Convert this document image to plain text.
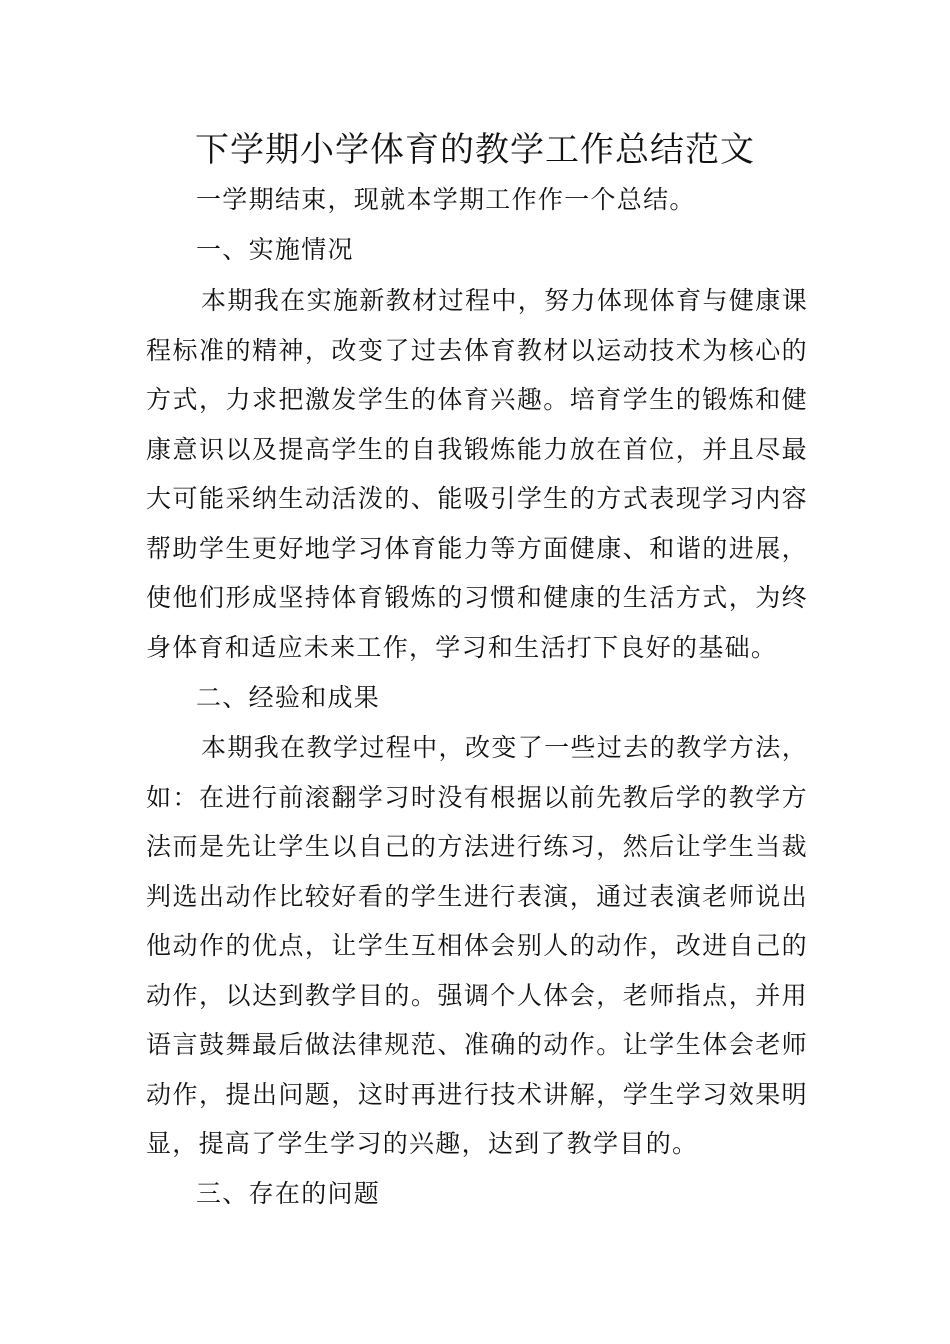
下学期小学体育的教学工作总结范文

一学期结束，现就本学期工作作一个总结。

一、实施情况

本期我在实施新教材过程中，努力体现体育与健康课程标准的精神，改变了过去体育教材以运动技术为核心的方式，力求把激发学生的体育兴趣。培育学生的锻炼和健康意识以及提高学生的自我锻炼能力放在首位，并且尽最大可能采纳生动活泼的、能吸引学生的方式表现学习内容帮助学生更好地学习体育能力等方面健康、和谐的进展，使他们形成坚持体育锻炼的习惯和健康的生活方式，为终身体育和适应未来工作，学习和生活打下良好的基础。

二、经验和成果

本期我在教学过程中，改变了一些过去的教学方法，如：在进行前滚翻学习时没有根据以前先教后学的教学方法而是先让学生以自己的方法进行练习，然后让学生当裁判选出动作比较好看的学生进行表演，通过表演老师说出他动作的优点，让学生互相体会别人的动作，改进自己的动作，以达到教学目的。强调个人体会，老师指点，并用语言鼓舞最后做法律规范、准确的动作。让学生体会老师动作，提出问题，这时再进行技术讲解，学生学习效果明显，提高了学生学习的兴趣，达到了教学目的。

三、存在的问题
